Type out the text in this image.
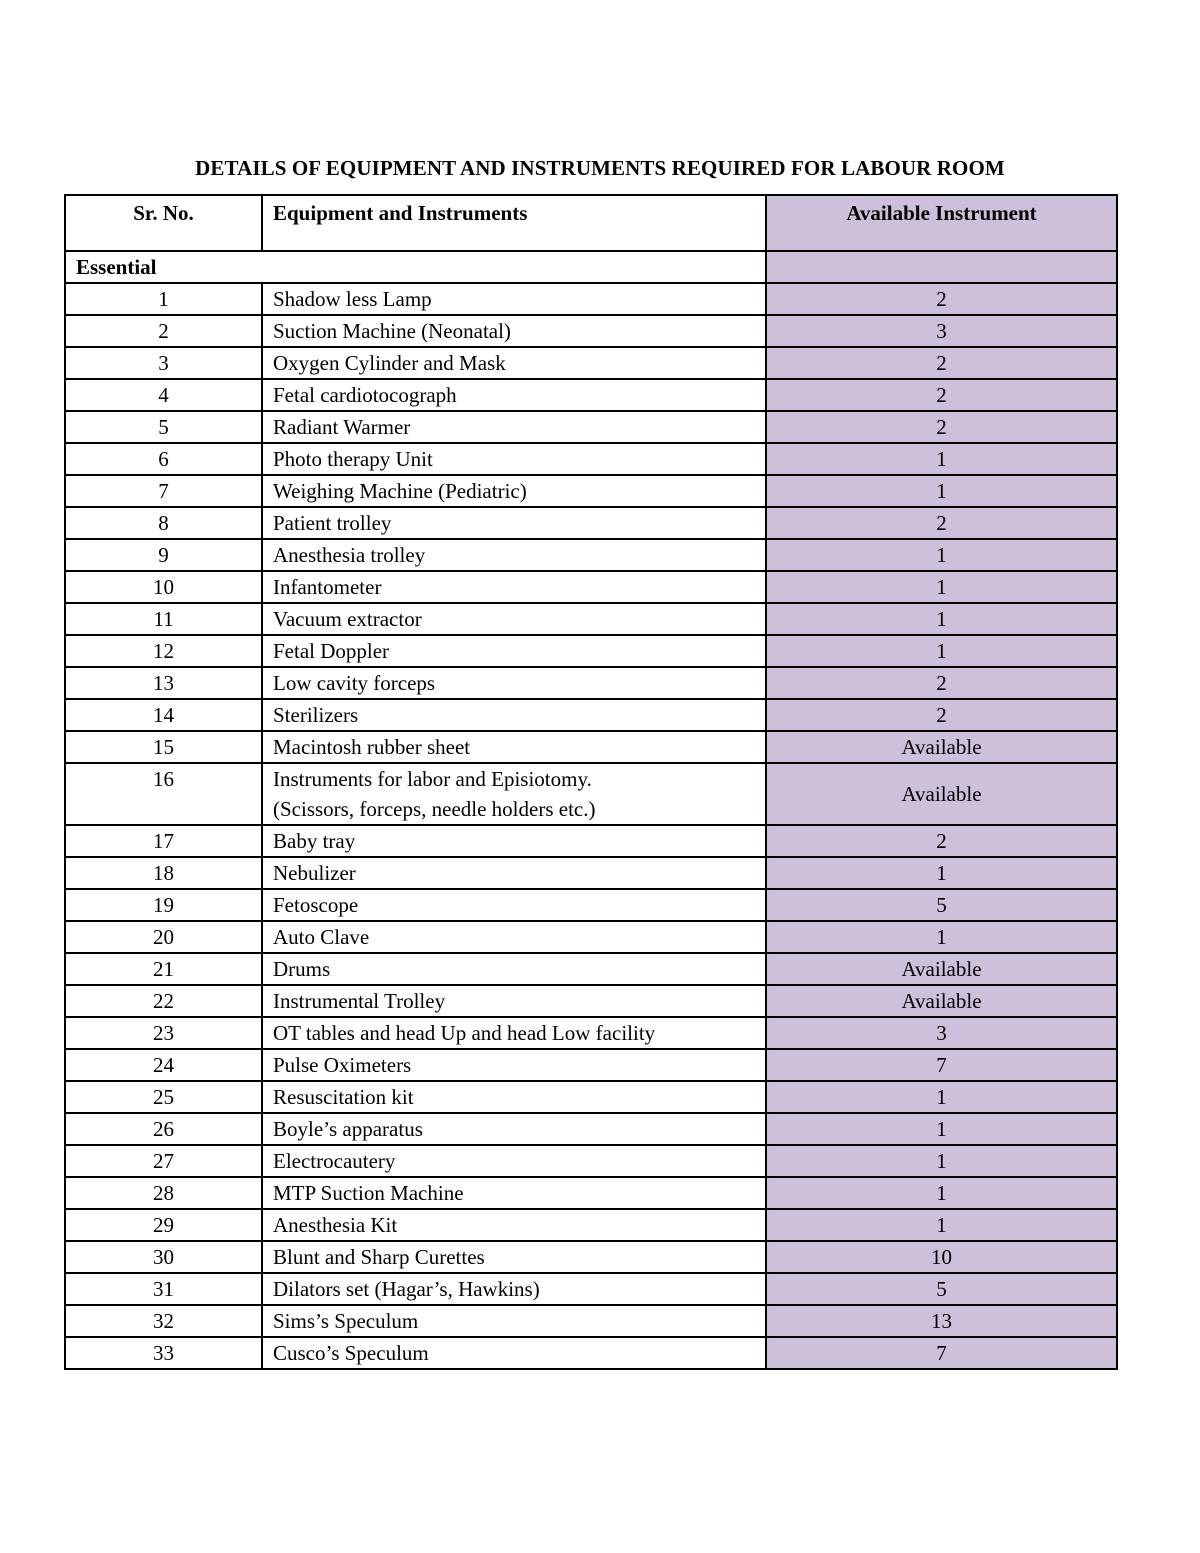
DETAILS OF EQUIPMENT AND INSTRUMENTS REQUIRED FOR LABOUR ROOM
Sr. No.	Equipment and Instruments	Available Instrument
Essential		
1	Shadow less Lamp	2
2	Suction Machine (Neonatal)	3
3	Oxygen Cylinder and Mask	2
4	Fetal cardiotocograph	2
5	Radiant Warmer	2
6	Photo therapy Unit	1
7	Weighing Machine (Pediatric)	1
8	Patient trolley	2
9	Anesthesia trolley	1
10	Infantometer	1
11	Vacuum extractor	1
12	Fetal Doppler	1
13	Low cavity forceps	2
14	Sterilizers	2
15	Macintosh rubber sheet	Available
16	Instruments for labor and Episiotomy.
(Scissors, forceps, needle holders etc.)	Available
17	Baby tray	2
18	Nebulizer	1
19	Fetoscope	5
20	Auto Clave	1
21	Drums	Available
22	Instrumental Trolley	Available
23	OT tables and head Up and head Low facility	3
24	Pulse Oximeters	7
25	Resuscitation kit	1
26	Boyle’s apparatus	1
27	Electrocautery	1
28	MTP Suction Machine	1
29	Anesthesia Kit	1
30	Blunt and Sharp Curettes	10
31	Dilators set (Hagar’s, Hawkins)	5
32	Sims’s Speculum	13
33	Cusco’s Speculum	7
